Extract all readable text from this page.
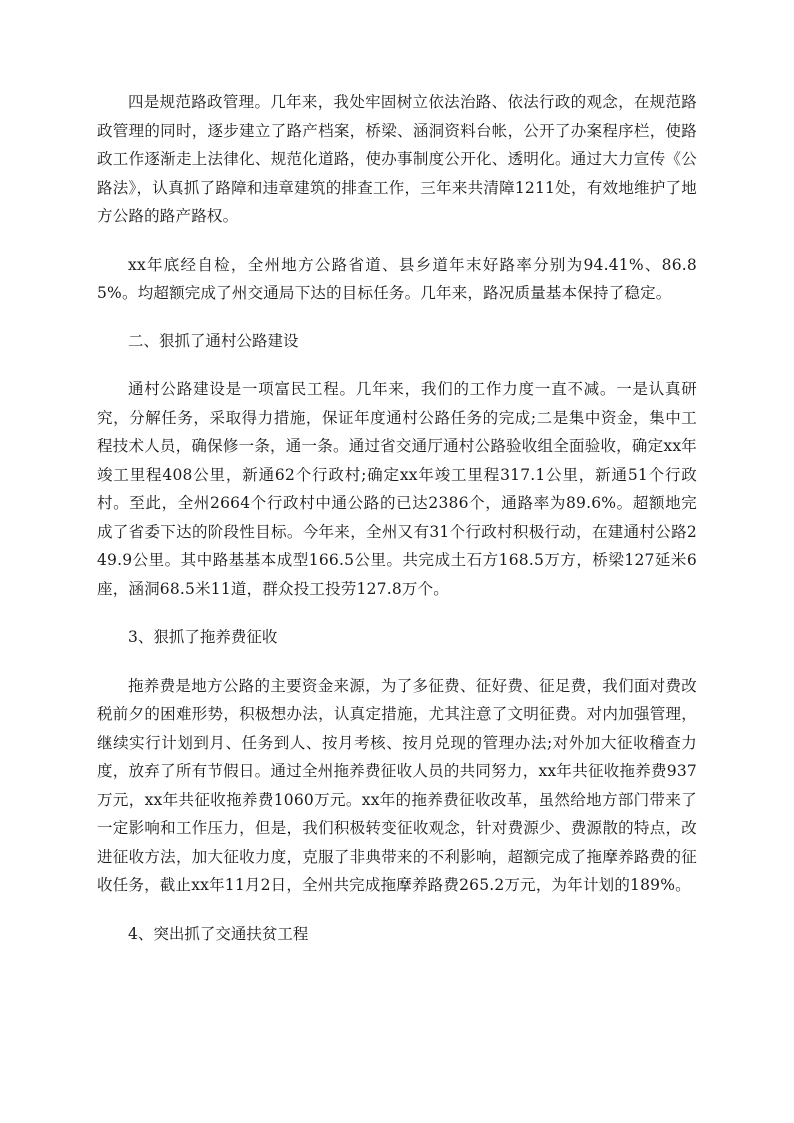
四是规范路政管理。几年来，我处牢固树立依法治路、依法行政的观念，在规范路政管理的同时，逐步建立了路产档案，桥梁、涵洞资料台帐，公开了办案程序栏，使路政工作逐渐走上法律化、规范化道路，使办事制度公开化、透明化。通过大力宣传《公路法》，认真抓了路障和违章建筑的排查工作，三年来共清障1211处，有效地维护了地方公路的路产路权。

xx年底经自检，全州地方公路省道、县乡道年末好路率分别为94.41%、86.85%。均超额完成了州交通局下达的目标任务。几年来，路况质量基本保持了稳定。

二、狠抓了通村公路建设

通村公路建设是一项富民工程。几年来，我们的工作力度一直不减。一是认真研究，分解任务，采取得力措施，保证年度通村公路任务的完成;二是集中资金，集中工程技术人员，确保修一条，通一条。通过省交通厅通村公路验收组全面验收，确定xx年竣工里程408公里，新通62个行政村;确定xx年竣工里程317.1公里，新通51个行政村。至此，全州2664个行政村中通公路的已达2386个，通路率为89.6%。超额地完成了省委下达的阶段性目标。今年来，全州又有31个行政村积极行动，在建通村公路249.9公里。其中路基基本成型166.5公里。共完成土石方168.5万方，桥梁127延米6座，涵洞68.5米11道，群众投工投劳127.8万个。

3、狠抓了拖养费征收

拖养费是地方公路的主要资金来源，为了多征费、征好费、征足费，我们面对费改税前夕的困难形势，积极想办法，认真定措施，尤其注意了文明征费。对内加强管理，继续实行计划到月、任务到人、按月考核、按月兑现的管理办法;对外加大征收稽查力度，放弃了所有节假日。通过全州拖养费征收人员的共同努力，xx年共征收拖养费937万元，xx年共征收拖养费1060万元。xx年的拖养费征收改革，虽然给地方部门带来了一定影响和工作压力，但是，我们积极转变征收观念，针对费源少、费源散的特点，改进征收方法，加大征收力度，克服了非典带来的不利影响，超额完成了拖摩养路费的征收任务，截止xx年11月2日，全州共完成拖摩养路费265.2万元，为年计划的189%。

4、突出抓了交通扶贫工程
